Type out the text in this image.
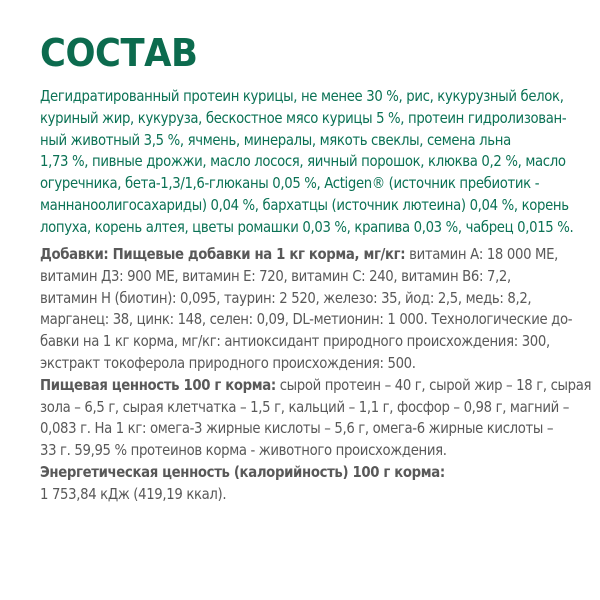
СОСТАВ
Дегидратированный протеин курицы, не менее 30 %, рис, кукурузный белок,
куриный жир, кукуруза, бескостное мясо курицы 5 %, протеин гидролизован-
ный животный 3,5 %, ячмень, минералы, мякоть свеклы, семена льна
1,73 %, пивные дрожжи, масло лосося, яичный порошок, клюква 0,2 %, масло
огуречника, бета-1,3/1,6-глюканы 0,05 %, Actigen® (источник пребиотик -
маннаноолигосахариды) 0,04 %, бархатцы (источник лютеина) 0,04 %, корень
лопуха, корень алтея, цветы ромашки 0,03 %, крапива 0,03 %, чабрец 0,015 %.
Добавки: Пищевые добавки на 1 кг корма, мг/кг: витамин А: 18 000 МЕ,
витамин Д3: 900 МЕ, витамин Е: 720, витамин С: 240, витамин В6: 7,2,
витамин Н (биотин): 0,095, таурин: 2 520, железо: 35, йод: 2,5, медь: 8,2,
марганец: 38, цинк: 148, селен: 0,09, DL-метионин: 1 000. Технологические до-
бавки на 1 кг корма, мг/кг: антиоксидант природного происхождения: 300,
экстракт токоферола природного происхождения: 500.
Пищевая ценность 100 г корма: сырой протеин – 40 г, сырой жир – 18 г, сырая
зола – 6,5 г, сырая клетчатка – 1,5 г, кальций – 1,1 г, фосфор – 0,98 г, магний –
0,083 г. На 1 кг: омега-3 жирные кислоты – 5,6 г, омега-6 жирные кислоты –
33 г. 59,95 % протеинов корма - животного происхождения.
Энергетическая ценность (калорийность) 100 г корма:
1 753,84 кДж (419,19 ккал).
